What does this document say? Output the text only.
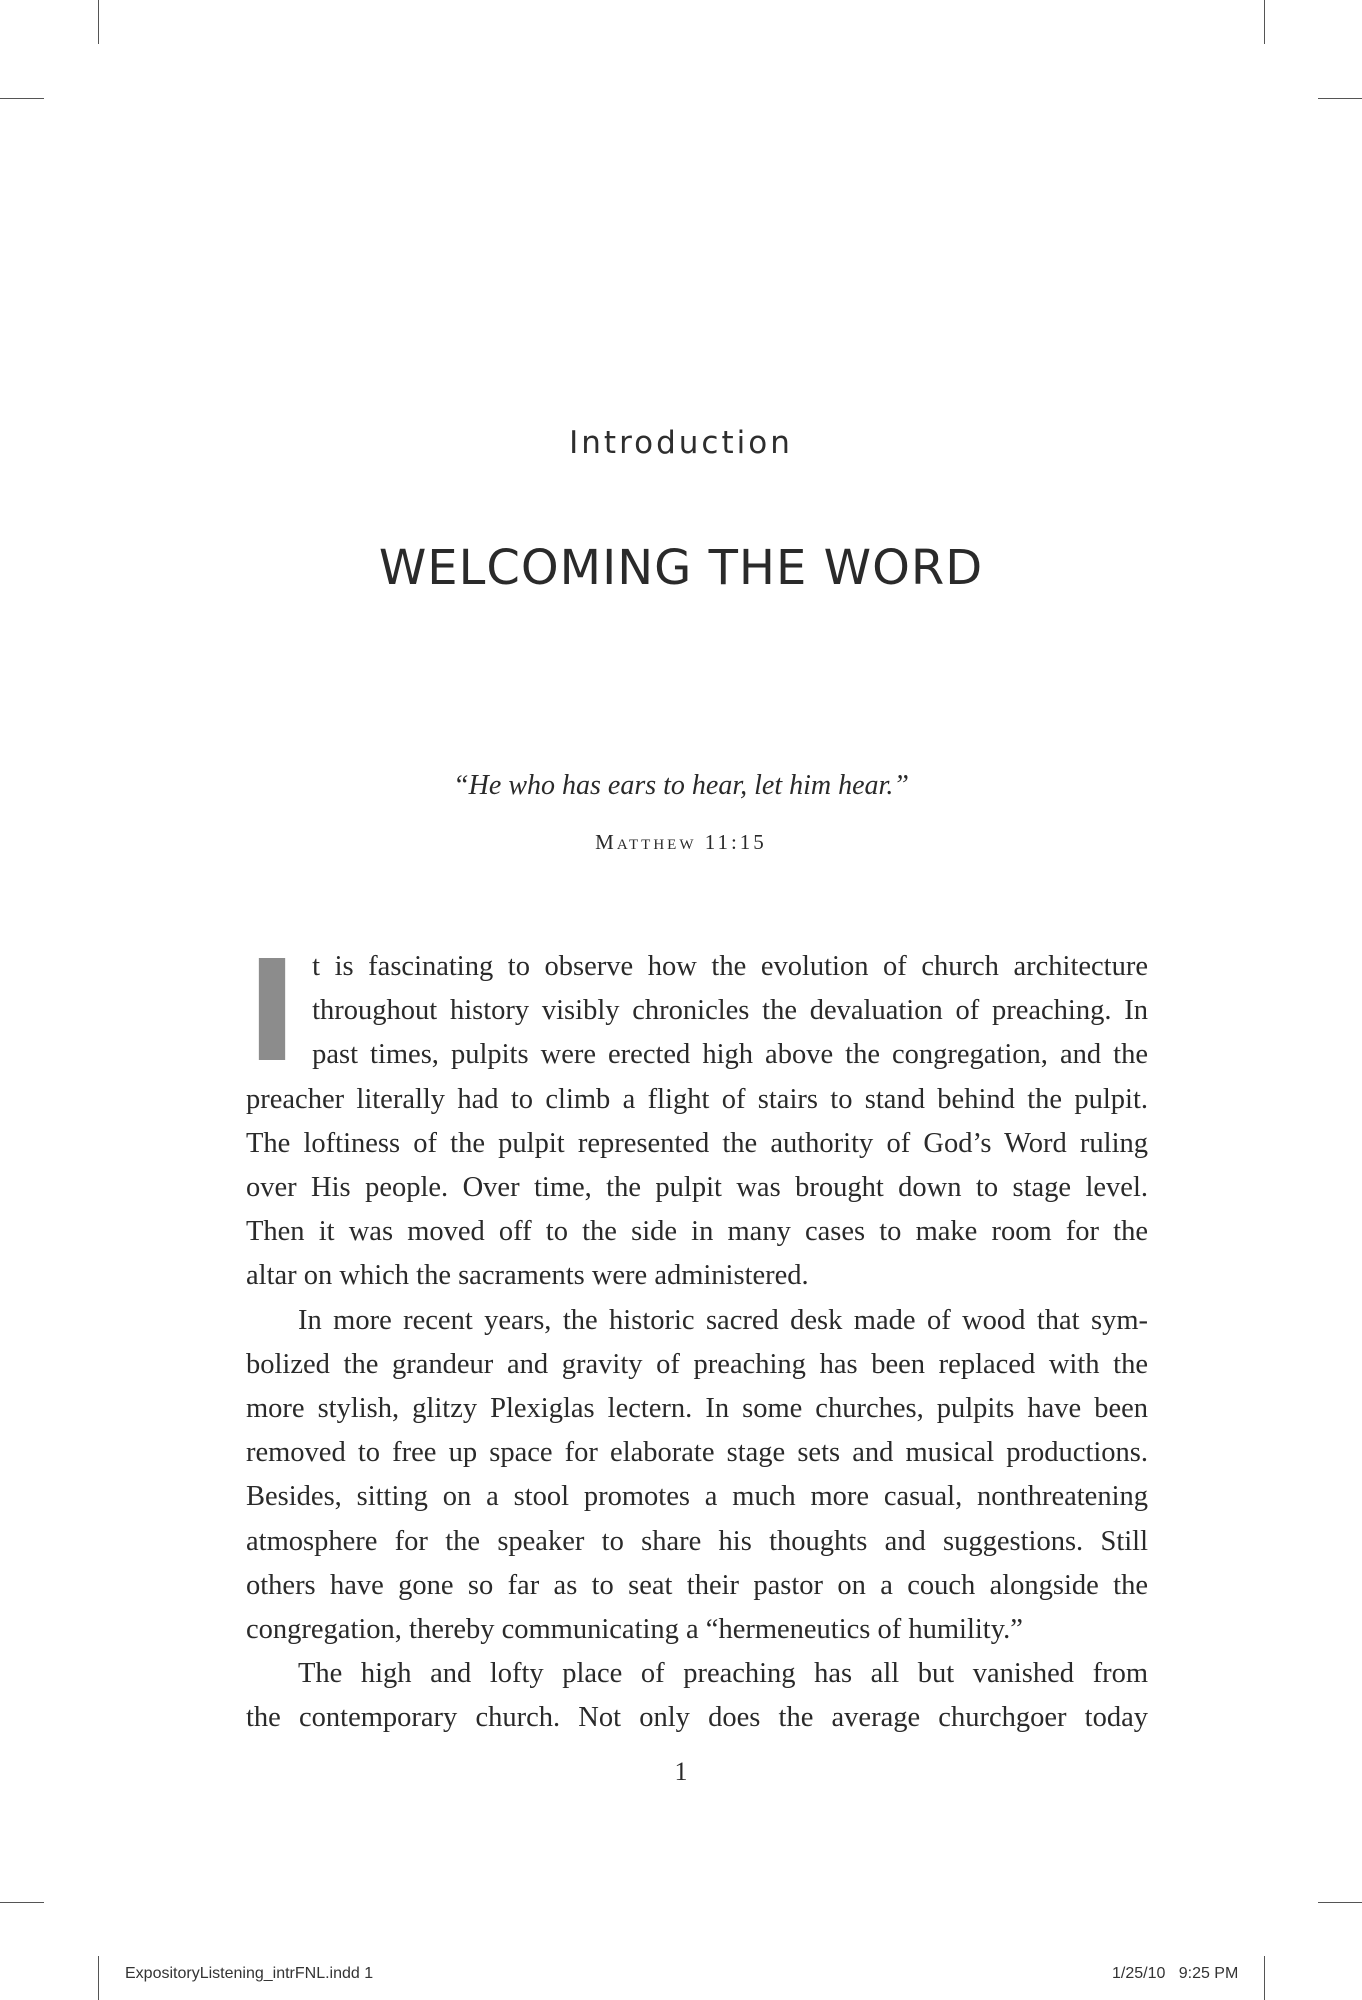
Introduction
WELCOMING THE WORD

“He who has ears to hear, let him hear.”

Matthew 11:15

I t is fascinating to observe how the evolution of church architecture
throughout history visibly chronicles the devaluation of preaching. In
past times, pulpits were erected high above the congregation, and the
preacher literally had to climb a flight of stairs to stand behind the pulpit.
The loftiness of the pulpit represented the authority of God’s Word ruling
over His people. Over time, the pulpit was brought down to stage level.
Then it was moved off to the side in many cases to make room for the
altar on which the sacraments were administered.
In more recent years, the historic sacred desk made of wood that sym-
bolized the grandeur and gravity of preaching has been replaced with the
more stylish, glitzy Plexiglas lectern. In some churches, pulpits have been
removed to free up space for elaborate stage sets and musical productions.
Besides, sitting on a stool promotes a much more casual, nonthreatening
atmosphere for the speaker to share his thoughts and suggestions. Still
others have gone so far as to seat their pastor on a couch alongside the
congregation, thereby communicating a “hermeneutics of humility.”
The high and lofty place of preaching has all but vanished from
the contemporary church. Not only does the average churchgoer today

1

ExpositoryListening_intrFNL.indd 1	1/25/10   9:25 PM
